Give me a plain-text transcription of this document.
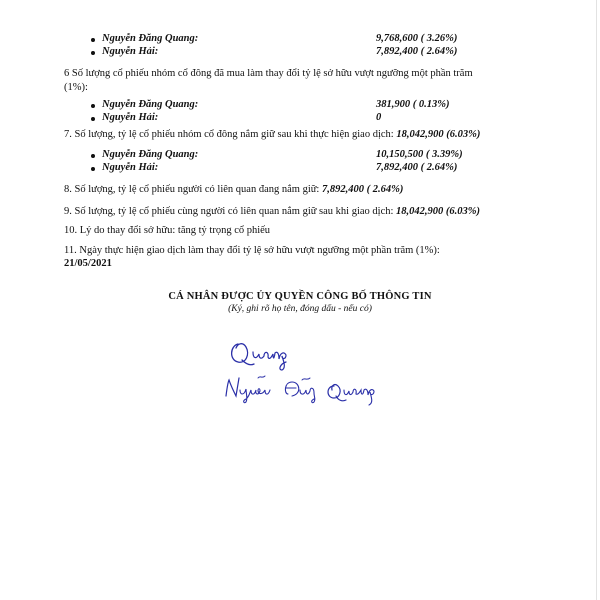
Nguyễn Đăng Quang:	9,768,600 ( 3.26%)
Nguyễn Hải:	7,892,400 ( 2.64%)
6 Số lượng cổ phiếu nhóm cổ đông đã mua làm thay đổi tỷ lệ sở hữu vượt ngưỡng một phần trăm
(1%):
Nguyễn Đăng Quang:	381,900 ( 0.13%)
Nguyễn Hải:	0
7. Số lượng, tỷ lệ cổ phiếu nhóm cổ đông nắm giữ sau khi thực hiện giao dịch: 18,042,900 (6.03%)
Nguyễn Đăng Quang:	10,150,500 ( 3.39%)
Nguyễn Hải:	7,892,400 ( 2.64%)
8. Số lượng, tỷ lệ cổ phiếu người có liên quan đang nắm giữ: 7,892,400 ( 2.64%)
9. Số lượng, tỷ lệ cổ phiếu cùng người có liên quan nắm giữ sau khi giao dịch: 18,042,900 (6.03%)
10. Lý do thay đổi sở hữu: tăng tỷ trọng cổ phiếu
11. Ngày thực hiện giao dịch làm thay đổi tỷ lệ sở hữu vượt ngưỡng một phần trăm (1%):
21/05/2021
CÁ NHÂN ĐƯỢC ỦY QUYỀN CÔNG BỐ THÔNG TIN
(Ký, ghi rõ họ tên, đóng dấu - nếu có)
